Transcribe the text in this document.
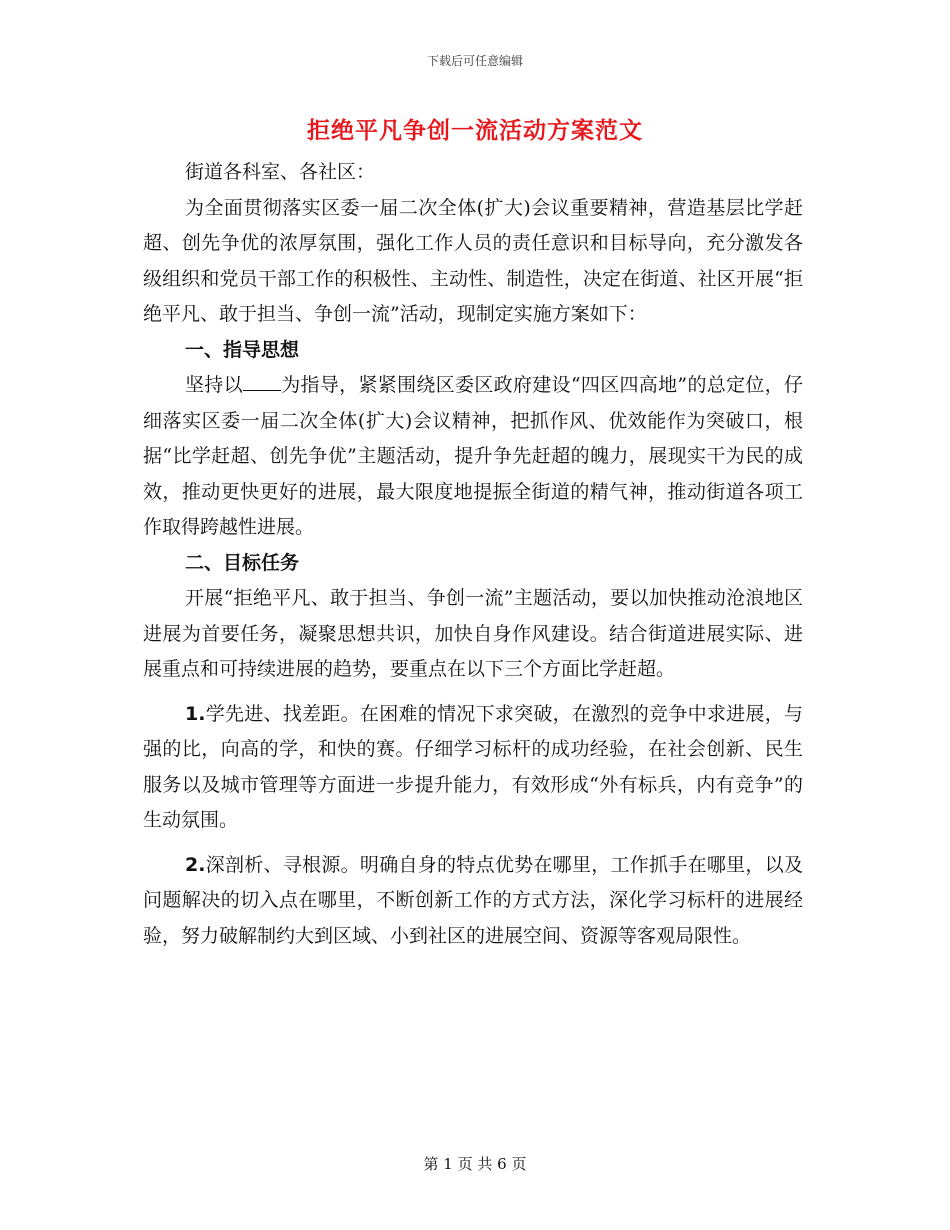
下载后可任意编辑
拒绝平凡争创一流活动方案范文

街道各科室、各社区：

为全面贯彻落实区委一届二次全体(扩大)会议重要精神，营造基层比学赶超、创先争优的浓厚氛围，强化工作人员的责任意识和目标导向，充分激发各级组织和党员干部工作的积极性、主动性、制造性，决定在街道、社区开展“拒绝平凡、敢于担当、争创一流”活动，现制定实施方案如下：

一、指导思想

坚持以 为指导，紧紧围绕区委区政府建设“四区四高地”的总定位，仔细落实区委一届二次全体(扩大)会议精神，把抓作风、优效能作为突破口，根据“比学赶超、创先争优”主题活动，提升争先赶超的魄力，展现实干为民的成效，推动更快更好的进展，最大限度地提振全街道的精气神，推动街道各项工作取得跨越性进展。

二、目标任务

开展“拒绝平凡、敢于担当、争创一流”主题活动，要以加快推动沧浪地区进展为首要任务，凝聚思想共识，加快自身作风建设。结合街道进展实际、进展重点和可持续进展的趋势，要重点在以下三个方面比学赶超。

1.学先进、找差距。在困难的情况下求突破，在激烈的竞争中求进展，与强的比，向高的学，和快的赛。仔细学习标杆的成功经验，在社会创新、民生服务以及城市管理等方面进一步提升能力，有效形成“外有标兵，内有竞争”的生动氛围。

2.深剖析、寻根源。明确自身的特点优势在哪里，工作抓手在哪里，以及问题解决的切入点在哪里，不断创新工作的方式方法，深化学习标杆的进展经验，努力破解制约大到区域、小到社区的进展空间、资源等客观局限性。

第 1 页 共 6 页
